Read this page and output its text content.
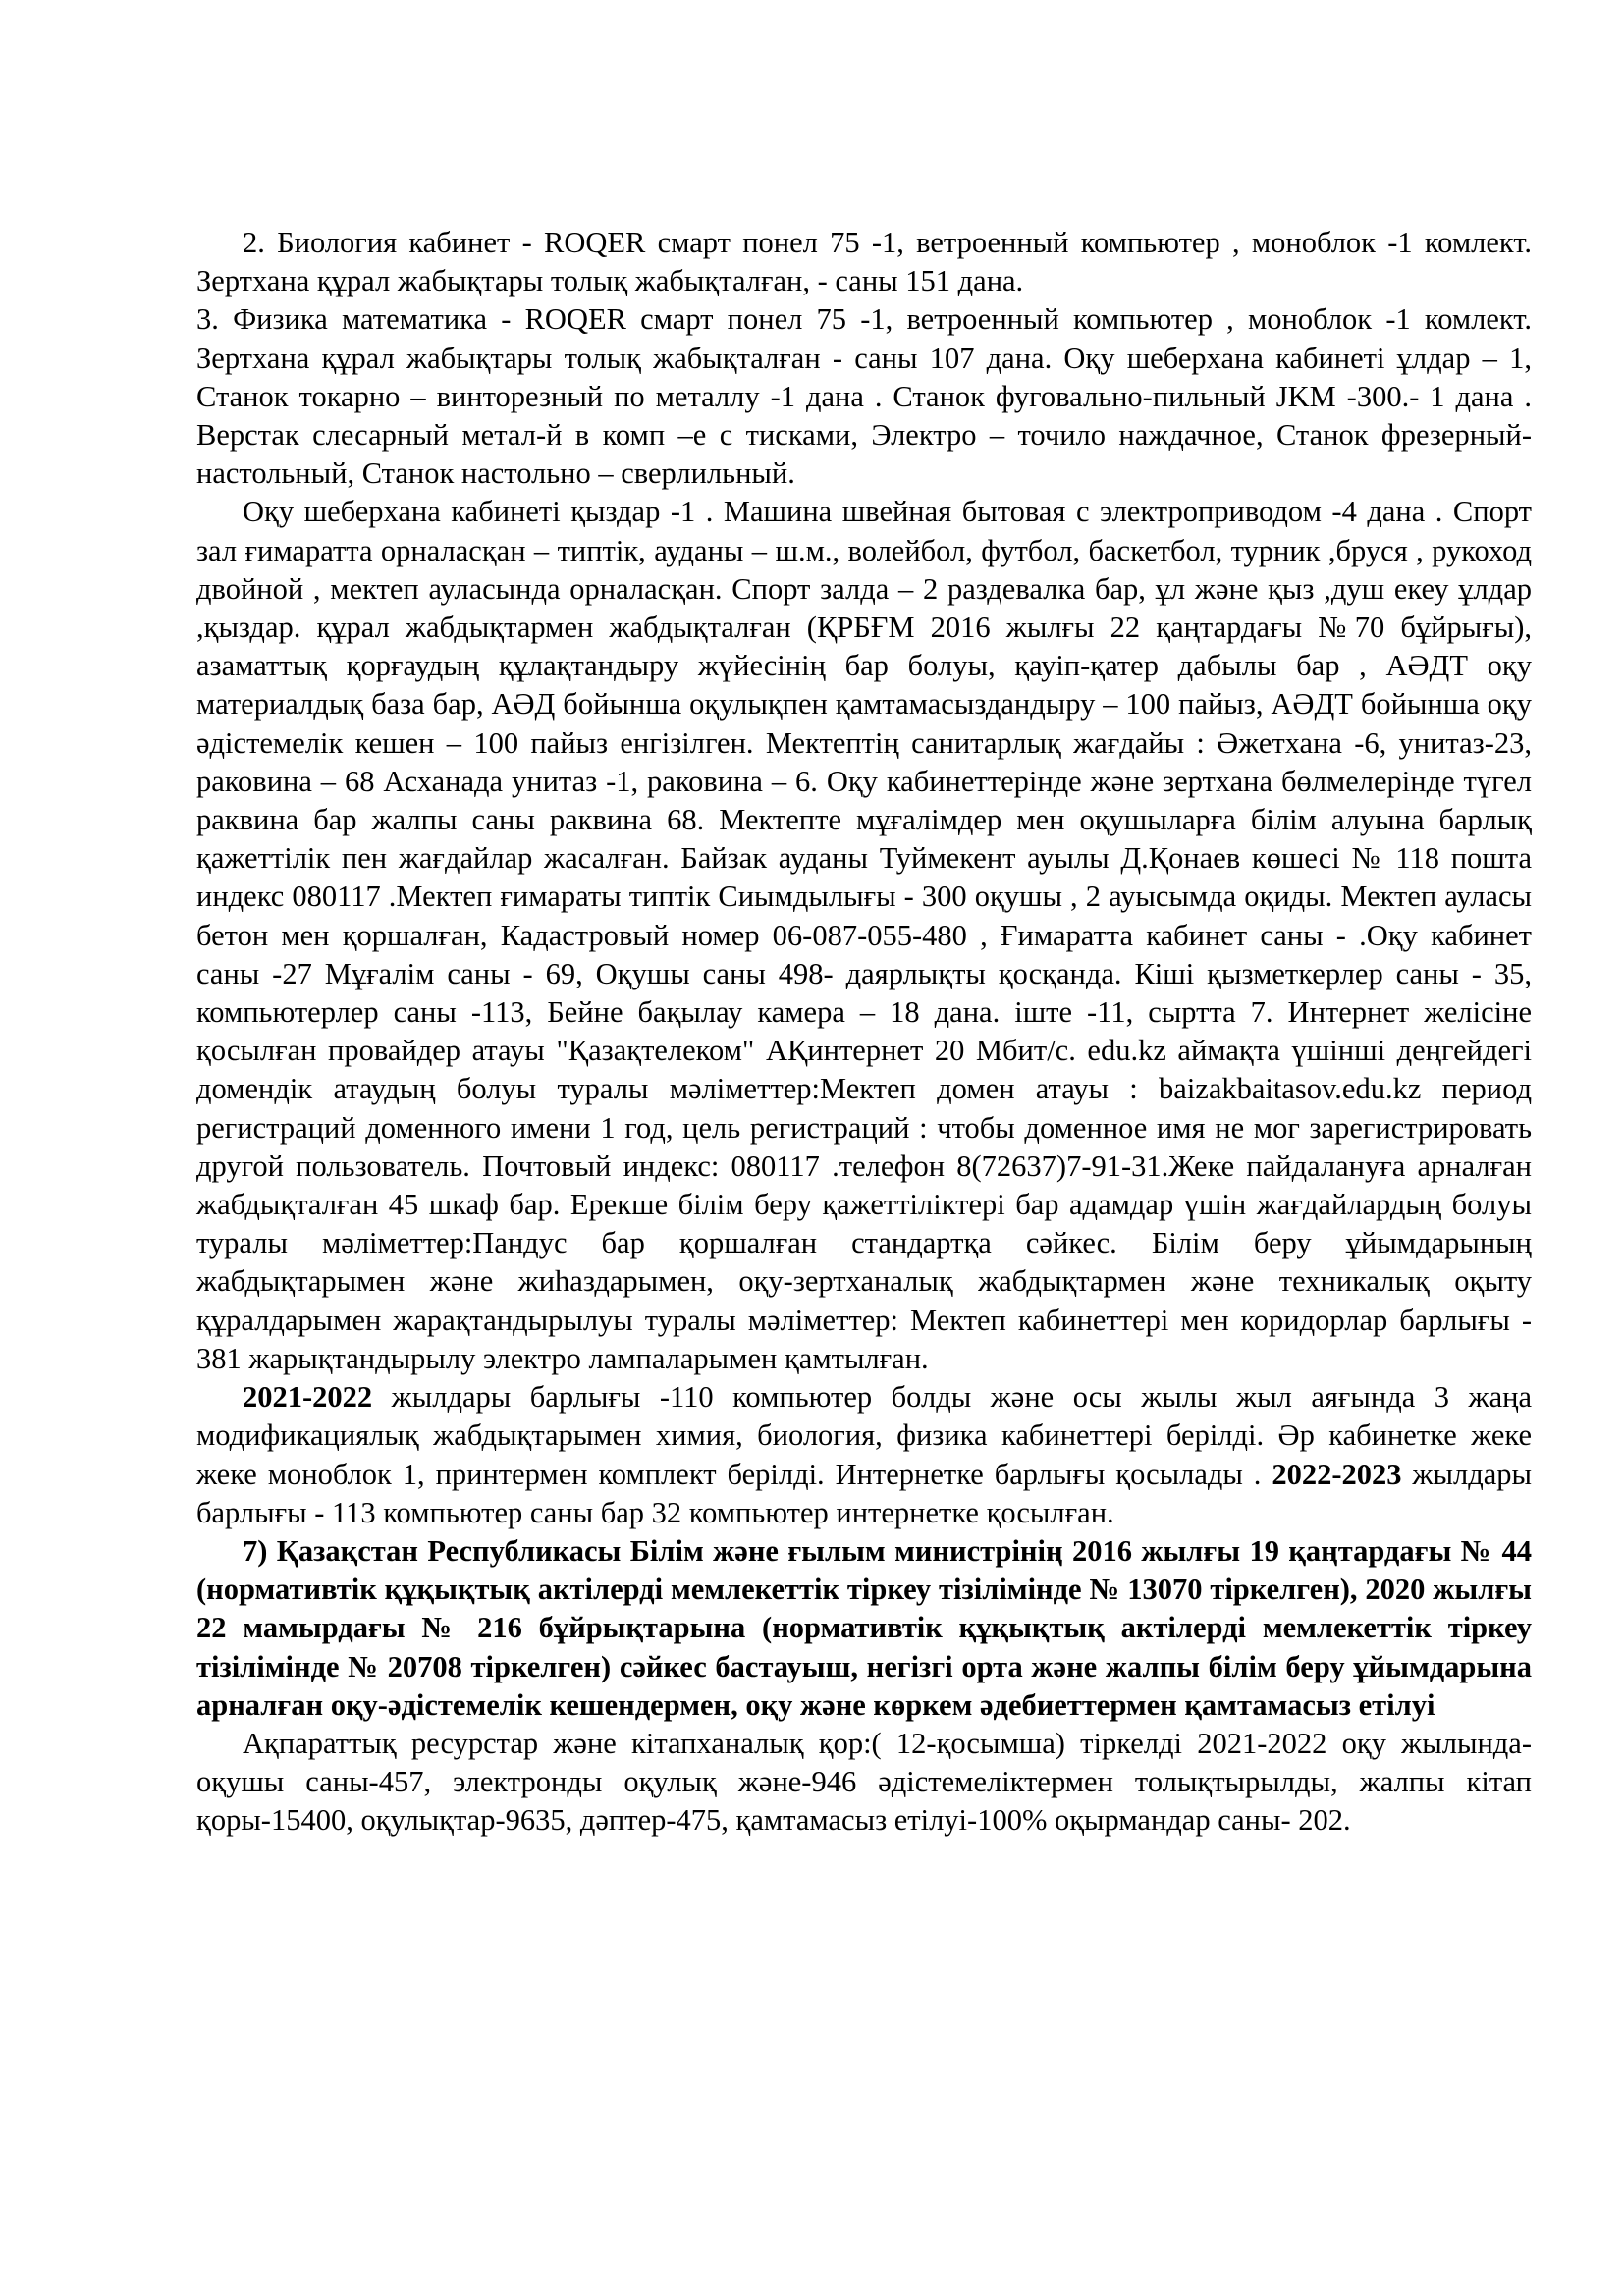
2. Биология кабинет - ROQER смарт понел 75 -1, ветроенный компьютер , моноблок -1 комлект. Зертхана құрал жабықтары толық жабықталған, - саны 151 дана.
3. Физика математика - ROQER смарт понел 75 -1, ветроенный компьютер , моноблок -1 комлект. Зертхана құрал жабықтары толық жабықталған - саны 107 дана. Оқу шеберхана кабинеті ұлдар – 1, Станок токарно – винторезный по металлу -1 дана . Станок фуговально-пильный JKM -300.- 1 дана . Верстак слесарный метал-й в комп –е с тисками, Электро – точило наждачное, Станок фрезерный- настольный, Станок настольно – сверлильный.

Оқу шеберхана кабинеті қыздар -1 . Машина швейная бытовая с электроприводом -4 дана . Спорт зал ғимаратта орналасқан – типтік, ауданы – ш.м., волейбол, футбол, баскетбол, турник ,бруся , рукоход двойной , мектеп ауласында орналасқан. Спорт залда – 2 раздевалка бар, ұл және қыз ,душ екеу ұлдар ,қыздар. құрал жабдықтармен жабдықталған (ҚРБҒМ 2016 жылғы 22 қаңтардағы №70 бұйрығы), азаматтық қорғаудың құлақтандыру жүйесінің бар болуы, қауіп-қатер дабылы бар , АӘДТ оқу материалдық база бар, АӘД бойынша оқулықпен қамтамасыздандыру – 100 пайыз, АӘДТ бойынша оқу әдістемелік кешен – 100 пайыз енгізілген. Мектептің санитарлық жағдайы : Әжетхана -6, унитаз-23, раковина – 68 Асханада унитаз -1, раковина – 6. Оқу кабинеттерінде және зертхана бөлмелерінде түгел раквина бар жалпы саны раквина 68. Мектепте мұғалімдер мен оқушыларға білім алуына барлық қажеттілік пен жағдайлар жасалған. Байзак ауданы Туймекент ауылы Д.Қонаев көшесі № 118 пошта индекс 080117 .Мектеп ғимараты типтік Сиымдылығы - 300 оқушы , 2 ауысымда оқиды. Мектеп ауласы бетон мен қоршалған, Кадастровый номер 06-087-055-480 , Ғимаратта кабинет саны - .Оқу кабинет саны -27 Мұғалім саны - 69, Оқушы саны 498- даярлықты қосқанда. Кіші қызметкерлер саны - 35, компьютерлер саны -113, Бейне бақылау камера – 18 дана. іште -11, сыртта 7. Интернет желісіне қосылған провайдер атауы "Қазақтелеком" АҚинтернет 20 Мбит/с. edu.kz аймақта үшінші деңгейдегі домендік атаудың болуы туралы мәліметтер:Мектеп домен атауы : baizakbaitasov.edu.kz период регистраций доменного имени 1 год, цель регистраций : чтобы доменное имя не мог зарегистрировать другой пользователь. Почтовый индекс: 080117 .телефон 8(72637)7-91-31.Жеке пайдалануға арналған жабдықталған 45 шкаф бар. Ерекше білім беру қажеттіліктері бар адамдар үшін жағдайлардың болуы туралы мәліметтер:Пандус бар қоршалған стандартқа сәйкес. Білім беру ұйымдарының жабдықтарымен және жиһаздарымен, оқу-зертханалық жабдықтармен және техникалық оқыту құралдарымен жарақтандырылуы туралы мәліметтер: Мектеп кабинеттері мен коридорлар барлығы - 381 жарықтандырылу электро лампаларымен қамтылған.

2021-2022 жылдары барлығы -110 компьютер болды және осы жылы жыл аяғында 3 жаңа модификациялық жабдықтарымен химия, биология, физика кабинеттері берілді. Әр кабинетке жеке жеке моноблок 1, принтермен комплект берілді. Интернетке барлығы қосылады . 2022-2023 жылдары барлығы - 113 компьютер саны бар 32 компьютер интернетке қосылған.

7) Қазақстан Республикасы Білім және ғылым министрінің 2016 жылғы 19 қаңтардағы № 44 (нормативтік құқықтық актілерді мемлекеттік тіркеу тізілімінде № 13070 тіркелген), 2020 жылғы 22 мамырдағы № 216 бұйрықтарына (нормативтік құқықтық актілерді мемлекеттік тіркеу тізілімінде № 20708 тіркелген) сәйкес бастауыш, негізгі орта және жалпы білім беру ұйымдарына арналған оқу-әдістемелік кешендермен, оқу және көркем әдебиеттермен қамтамасыз етілуі

Ақпараттық ресурстар және кітапханалық қор:( 12-қосымша) тіркелді 2021-2022 оқу жылында-оқушы саны-457, электронды оқулық және-946 әдістемеліктермен толықтырылды, жалпы кітап қоры-15400, оқулықтар-9635, дәптер-475, қамтамасыз етілуі-100% оқырмандар саны- 202.
